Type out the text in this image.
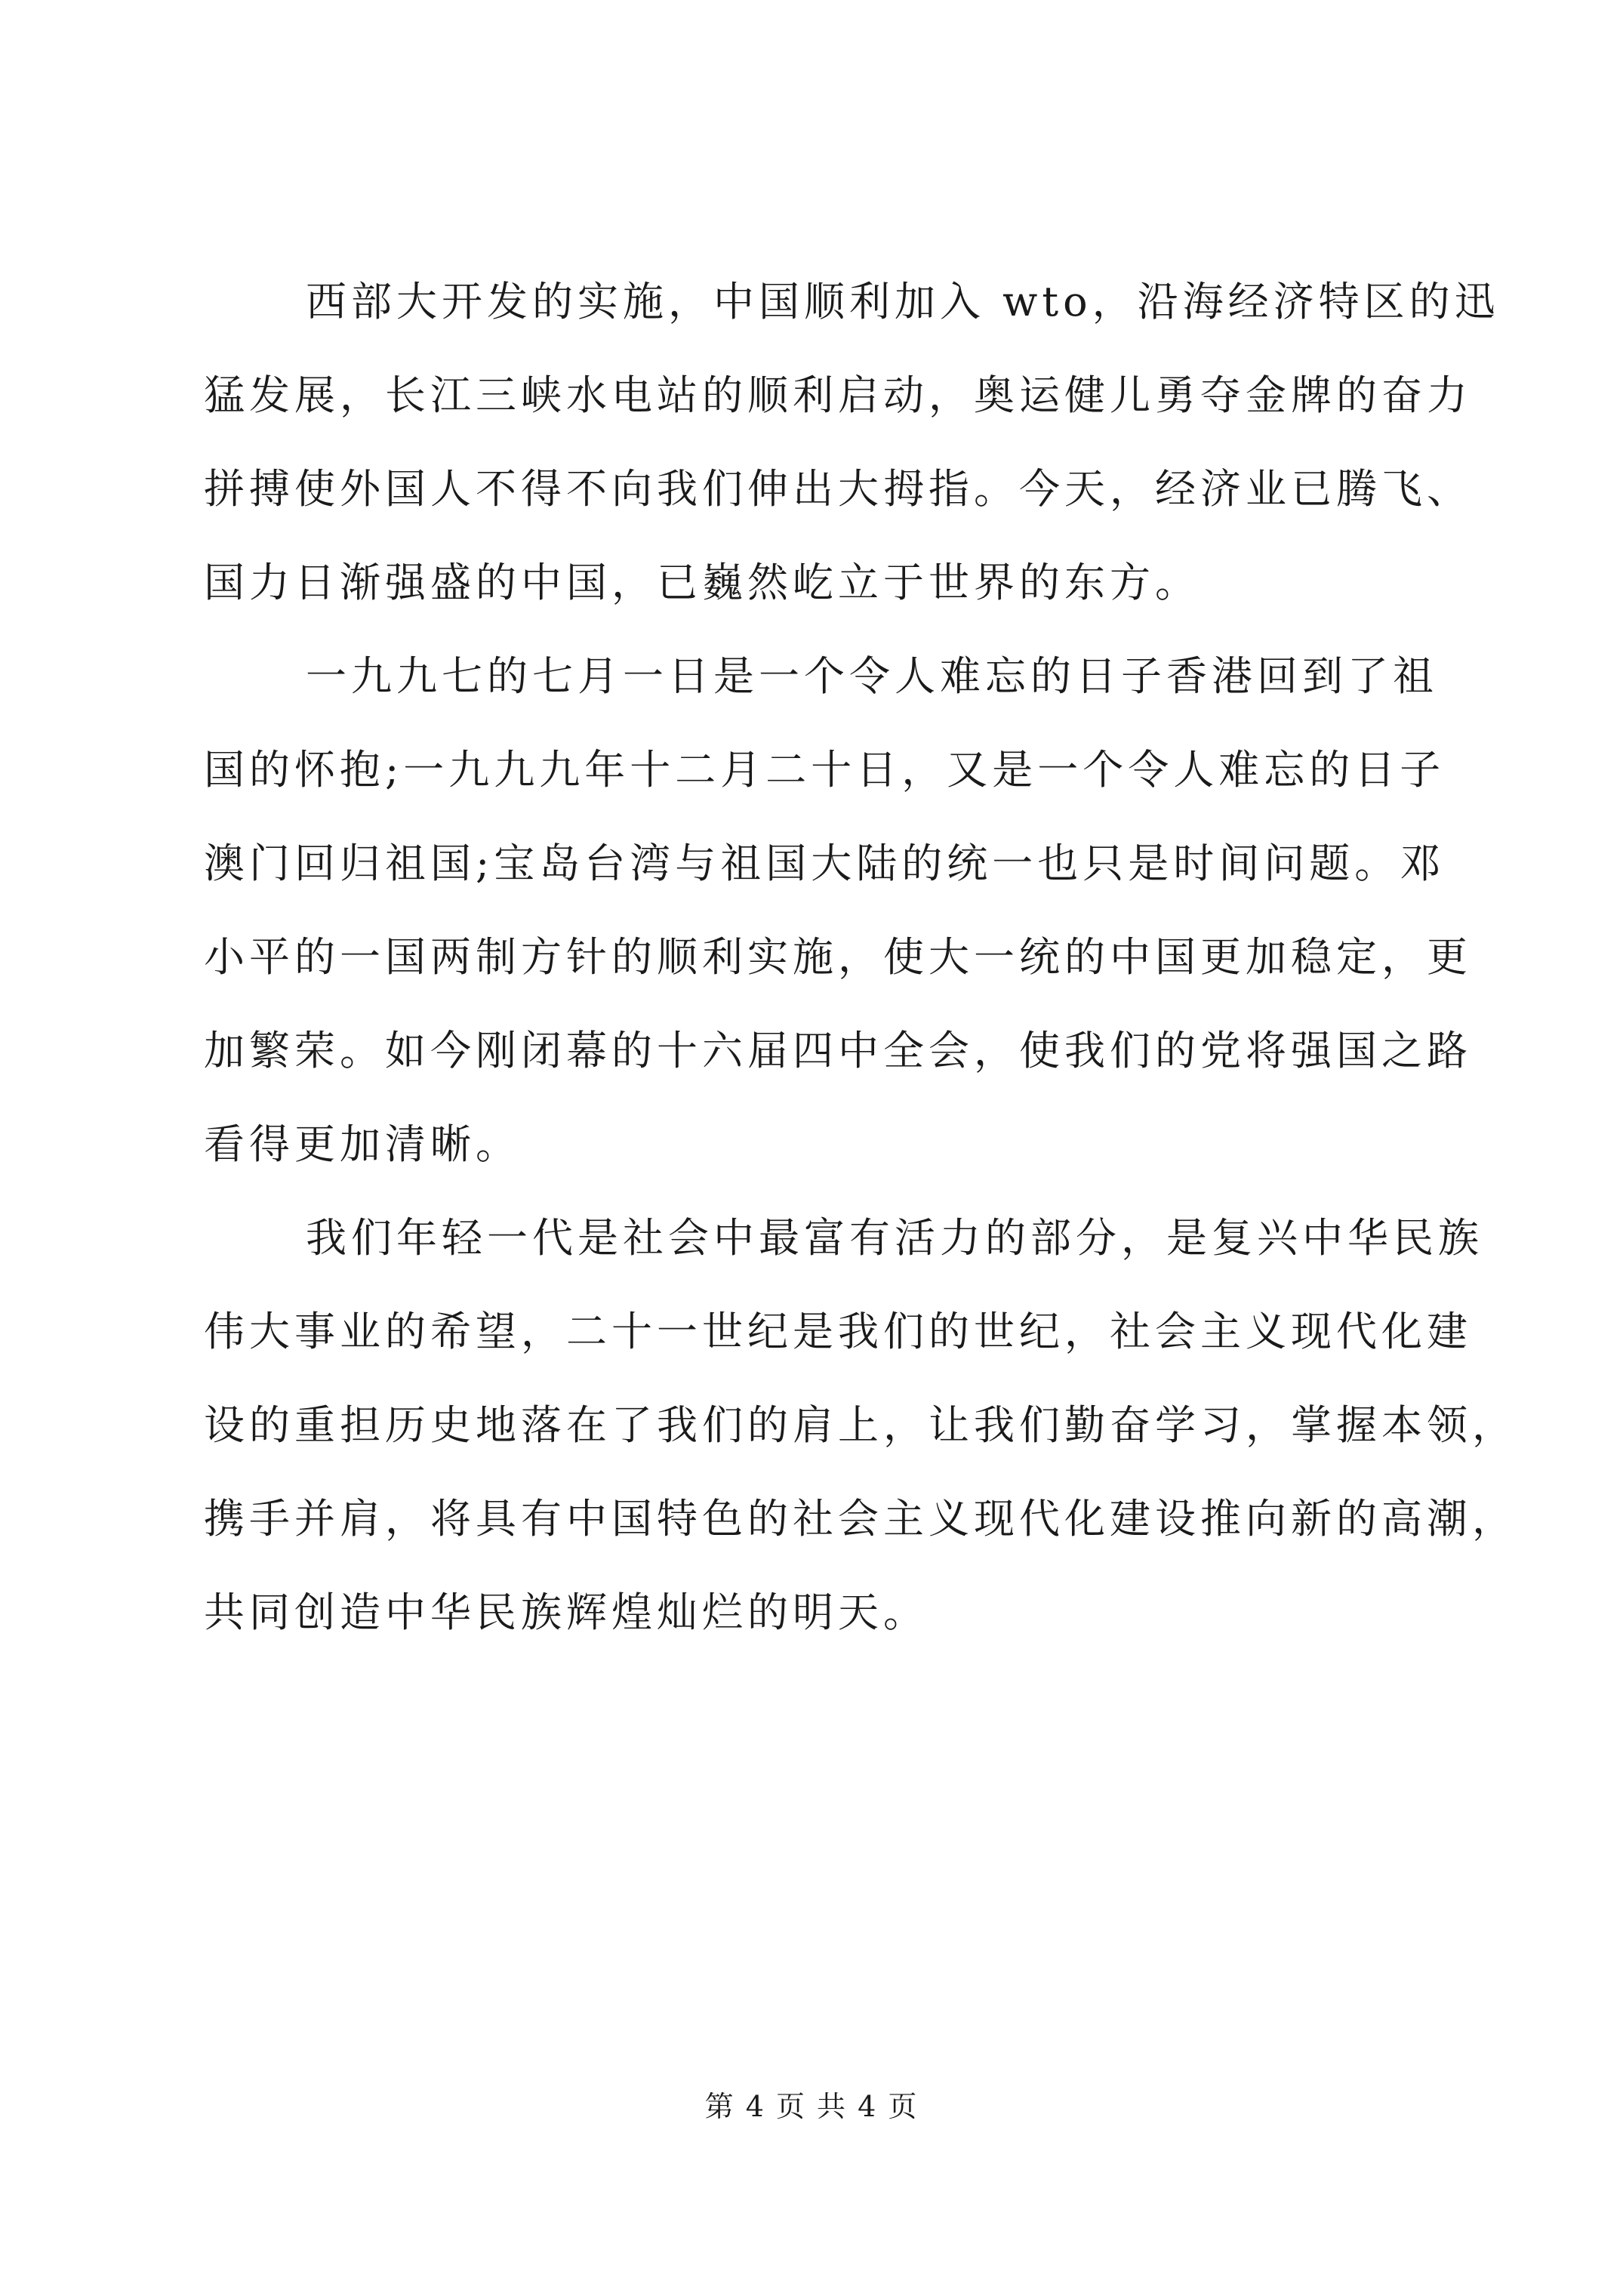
西部大开发的实施，中国顺利加入 wto，沿海经济特区的迅
猛发展，长江三峡水电站的顺利启动，奥运健儿勇夺金牌的奋力
拼搏使外国人不得不向我们伸出大拇指。今天，经济业已腾飞、
国力日渐强盛的中国，已巍然屹立于世界的东方。
一九九七的七月一日是一个令人难忘的日子香港回到了祖
国的怀抱;一九九九年十二月二十日，又是一个令人难忘的日子
澳门回归祖国;宝岛台湾与祖国大陆的统一也只是时间问题。邓
小平的一国两制方针的顺利实施，使大一统的中国更加稳定，更
加繁荣。如今刚闭幕的十六届四中全会，使我们的党将强国之路
看得更加清晰。
我们年轻一代是社会中最富有活力的部分，是复兴中华民族
伟大事业的希望，二十一世纪是我们的世纪，社会主义现代化建
设的重担历史地落在了我们的肩上，让我们勤奋学习，掌握本领，
携手并肩，将具有中国特色的社会主义现代化建设推向新的高潮，
共同创造中华民族辉煌灿烂的明天。
第 4 页 共 4 页
